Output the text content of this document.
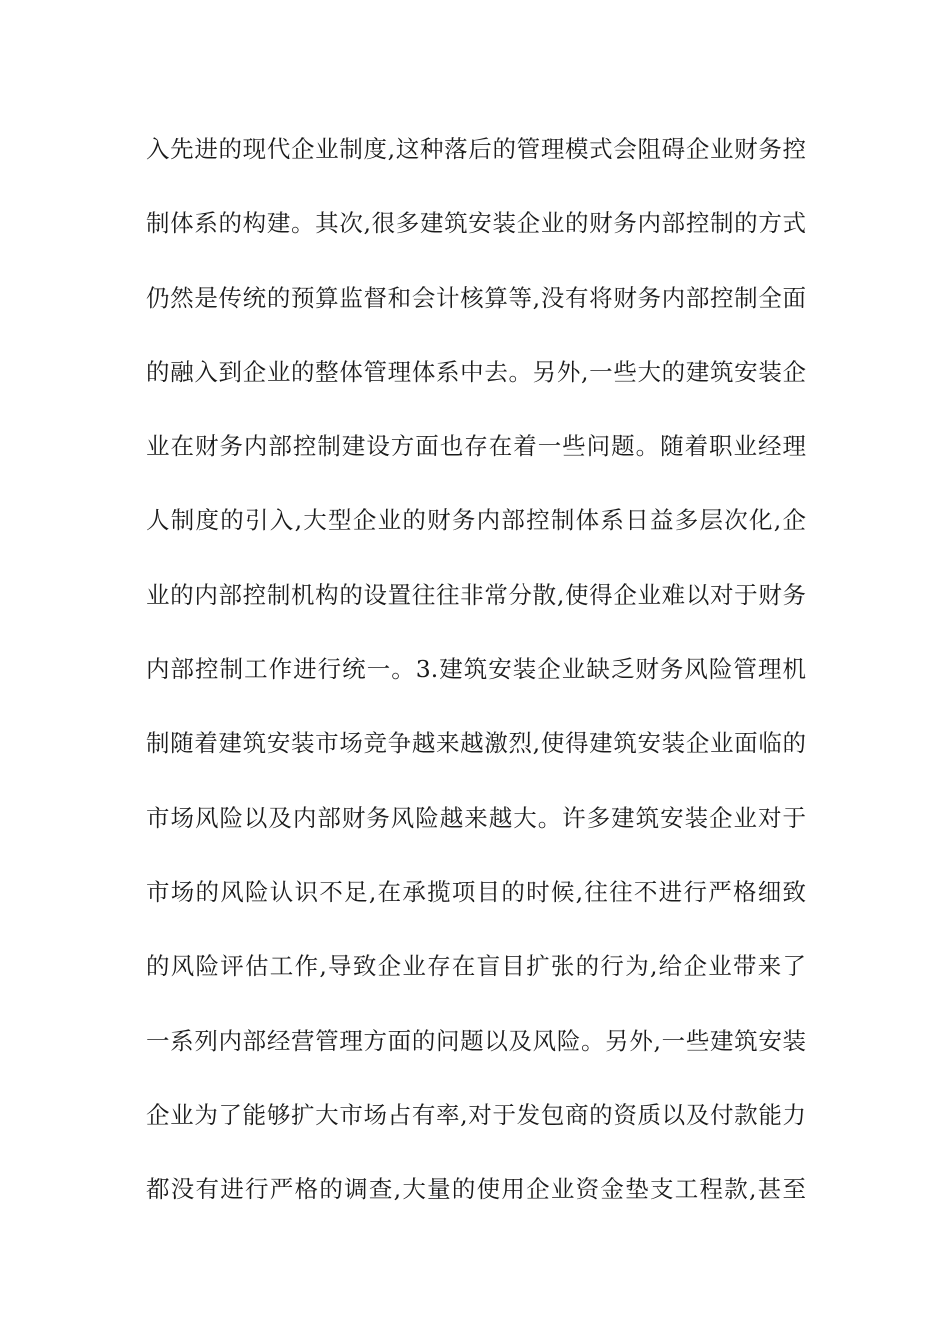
入先进的现代企业制度,这种落后的管理模式会阻碍企业财务控
制体系的构建。其次,很多建筑安装企业的财务内部控制的方式
仍然是传统的预算监督和会计核算等,没有将财务内部控制全面
的融入到企业的整体管理体系中去。另外,一些大的建筑安装企
业在财务内部控制建设方面也存在着一些问题。随着职业经理
人制度的引入,大型企业的财务内部控制体系日益多层次化,企
业的内部控制机构的设置往往非常分散,使得企业难以对于财务
内部控制工作进行统一。3.建筑安装企业缺乏财务风险管理机
制随着建筑安装市场竞争越来越激烈,使得建筑安装企业面临的
市场风险以及内部财务风险越来越大。许多建筑安装企业对于
市场的风险认识不足,在承揽项目的时候,往往不进行严格细致
的风险评估工作,导致企业存在盲目扩张的行为,给企业带来了
一系列内部经营管理方面的问题以及风险。另外,一些建筑安装
企业为了能够扩大市场占有率,对于发包商的资质以及付款能力
都没有进行严格的调查,大量的使用企业资金垫支工程款,甚至
